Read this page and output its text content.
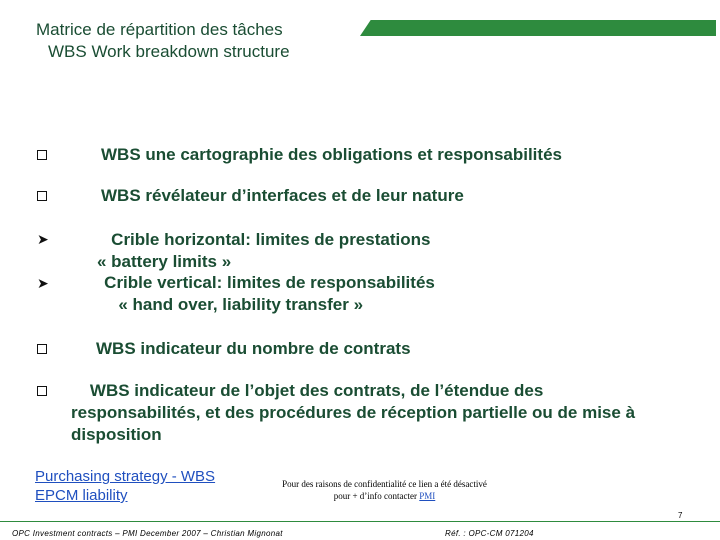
Matrice de répartition des tâches
WBS Work breakdown structure
WBS une cartographie des obligations et responsabilités
WBS révélateur d’interfaces et de leur nature
➤	Crible horizontal: limites de prestations
« battery limits »
➤	Crible vertical: limites de responsabilités
« hand over, liability transfer »
WBS indicateur du nombre de contrats
WBS indicateur de l’objet des contrats, de l’étendue des
responsabilités, et des procédures de réception partielle ou de mise à
disposition
Purchasing strategy - WBS
EPCM liability
Pour des raisons de confidentialité ce lien a été désactivé
pour + d’info contacter PMI
7
OPC Investment contracts – PMI December 2007 – Christian Mignonat	Réf. : OPC-CM 071204
